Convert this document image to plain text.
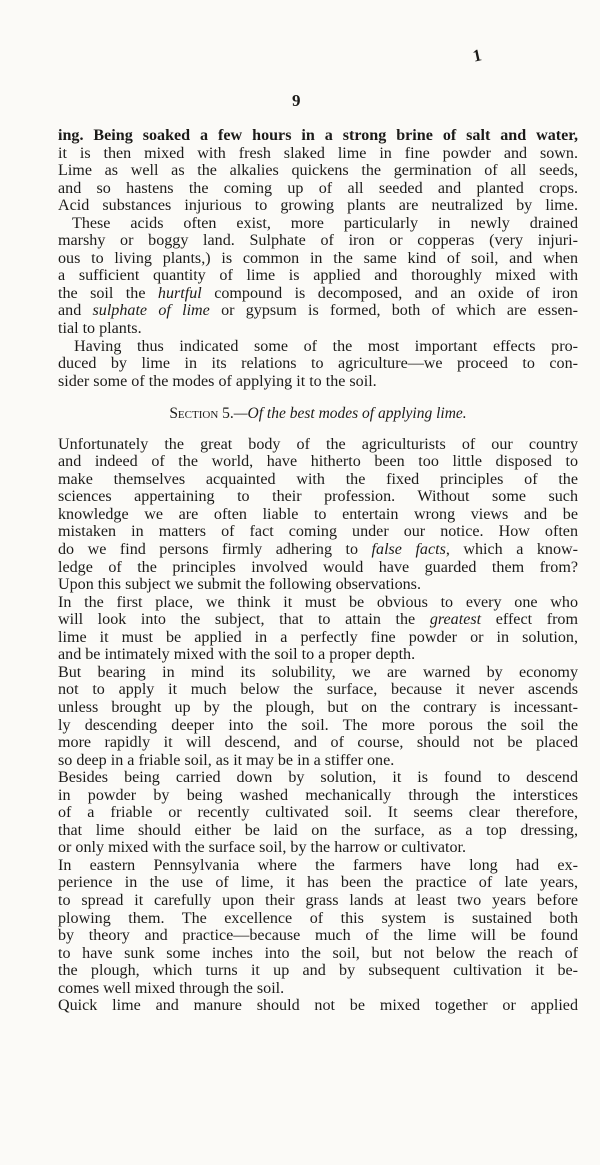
1
9
ing. Being soaked a few hours in a strong brine of salt and water,
it is then mixed with fresh slaked lime in fine powder and sown.
Lime as well as the alkalies quickens the germination of all seeds,
and so hastens the coming up of all seeded and planted crops.
Acid substances injurious to growing plants are neutralized by lime.
These acids often exist, more particularly in newly drained
marshy or boggy land. Sulphate of iron or copperas (very injuri-
ous to living plants,) is common in the same kind of soil, and when
a sufficient quantity of lime is applied and thoroughly mixed with
the soil the hurtful compound is decomposed, and an oxide of iron
and sulphate of lime or gypsum is formed, both of which are essen-
tial to plants.
Having thus indicated some of the most important effects pro-
duced by lime in its relations to agriculture—we proceed to con-
sider some of the modes of applying it to the soil.
Section 5.—Of the best modes of applying lime.
Unfortunately the great body of the agriculturists of our country
and indeed of the world, have hitherto been too little disposed to
make themselves acquainted with the fixed principles of the
sciences appertaining to their profession. Without some such
knowledge we are often liable to entertain wrong views and be
mistaken in matters of fact coming under our notice. How often
do we find persons firmly adhering to false facts, which a know-
ledge of the principles involved would have guarded them from?
Upon this subject we submit the following observations.
In the first place, we think it must be obvious to every one who
will look into the subject, that to attain the greatest effect from
lime it must be applied in a perfectly fine powder or in solution,
and be intimately mixed with the soil to a proper depth.
But bearing in mind its solubility, we are warned by economy
not to apply it much below the surface, because it never ascends
unless brought up by the plough, but on the contrary is incessant-
ly descending deeper into the soil. The more porous the soil the
more rapidly it will descend, and of course, should not be placed
so deep in a friable soil, as it may be in a stiffer one.
Besides being carried down by solution, it is found to descend
in powder by being washed mechanically through the interstices
of a friable or recently cultivated soil. It seems clear therefore,
that lime should either be laid on the surface, as a top dressing,
or only mixed with the surface soil, by the harrow or cultivator.
In eastern Pennsylvania where the farmers have long had ex-
perience in the use of lime, it has been the practice of late years,
to spread it carefully upon their grass lands at least two years before
plowing them. The excellence of this system is sustained both
by theory and practice—because much of the lime will be found
to have sunk some inches into the soil, but not below the reach of
the plough, which turns it up and by subsequent cultivation it be-
comes well mixed through the soil.
Quick lime and manure should not be mixed together or applied
